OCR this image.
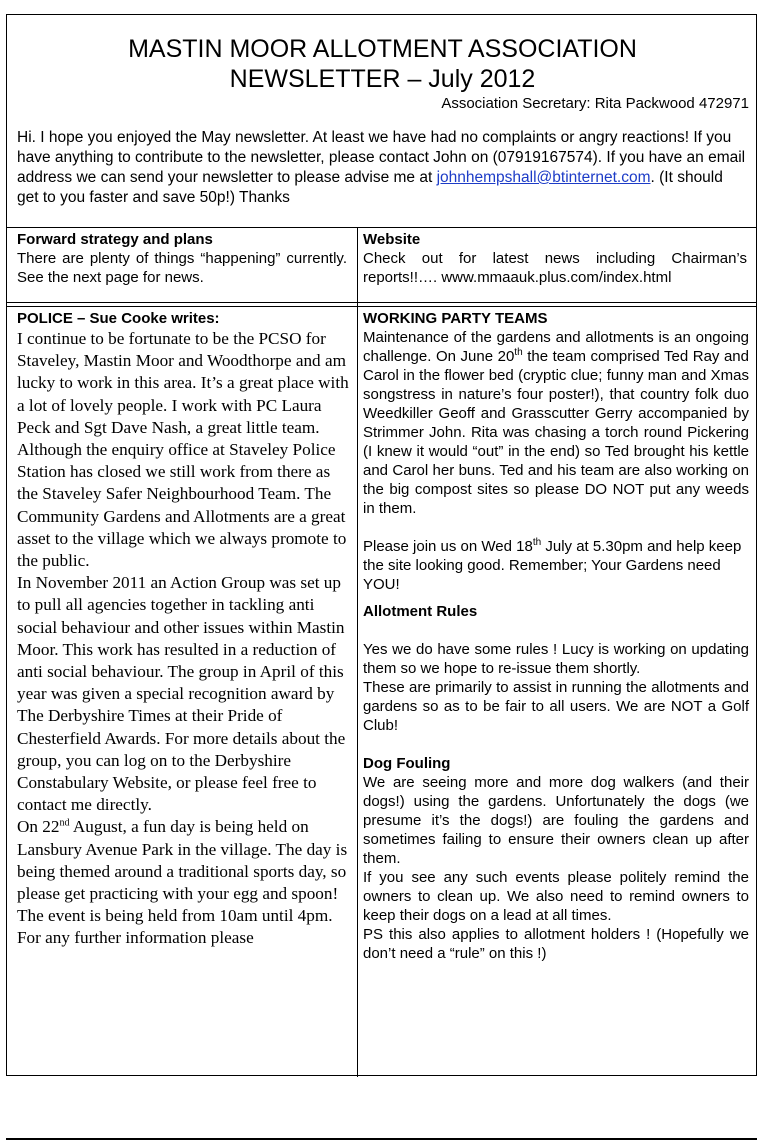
MASTIN MOOR ALLOTMENT ASSOCIATION
NEWSLETTER – July 2012
Association Secretary: Rita Packwood 472971
Hi. I hope you enjoyed the May newsletter. At least we have had no complaints or angry reactions! If you have anything to contribute to the newsletter, please contact John on (07919167574). If you have an email address we can send your newsletter to please advise me at johnhempshall@btinternet.com. (It should get to you faster and save 50p!) Thanks
Forward strategy and plans
There are plenty of things “happening” currently. See the next page for news.
Website
Check out for latest news including Chairman’s reports!!…. www.mmaauk.plus.com/index.html
POLICE – Sue Cooke writes:
I continue to be fortunate to be the PCSO for Staveley, Mastin Moor and Woodthorpe and am lucky to work in this area. It’s a great place with a lot of lovely people. I work with PC Laura Peck and Sgt Dave Nash, a great little team. Although the enquiry office at Staveley Police Station has closed we still work from there as the Staveley Safer Neighbourhood Team. The Community Gardens and Allotments are a great asset to the village which we always promote to the public.
In November 2011 an Action Group was set up to pull all agencies together in tackling anti social behaviour and other issues within Mastin Moor. This work has resulted in a reduction of anti social behaviour. The group in April of this year was given a special recognition award by The Derbyshire Times at their Pride of Chesterfield Awards. For more details about the group, you can log on to the Derbyshire Constabulary Website, or please feel free to contact me directly.
On 22nd August, a fun day is being held on Lansbury Avenue Park in the village. The day is being themed around a traditional sports day, so please get practicing with your egg and spoon! The event is being held from 10am until 4pm. For any further information please

WORKING PARTY TEAMS

Maintenance of the gardens and allotments is an ongoing challenge. On June 20th the team comprised Ted Ray and Carol in the flower bed (cryptic clue; funny man and Xmas songstress in nature’s four poster!), that country folk duo Weedkiller Geoff and Grasscutter Gerry accompanied by Strimmer John. Rita was chasing a torch round Pickering (I knew it would “out” in the end) so Ted brought his kettle and Carol her buns. Ted and his team are also working on the big compost sites so please DO NOT put any weeds in them.

Please join us on Wed 18th July at 5.30pm and help keep the site looking good. Remember; Your Gardens need YOU!

Allotment Rules

Yes we do have some rules ! Lucy is working on updating them so we hope to re-issue them shortly.

These are primarily to assist in running the allotments and gardens so as to be fair to all users. We are NOT a Golf Club!

Dog Fouling

We are seeing more and more dog walkers (and their dogs!) using the gardens. Unfortunately the dogs (we presume it’s the dogs!) are fouling the gardens and sometimes failing to ensure their owners clean up after them.

If you see any such events please politely remind the owners to clean up. We also need to remind owners to keep their dogs on a lead at all times.

PS this also applies to allotment holders ! (Hopefully we don’t need a “rule” on this !)
